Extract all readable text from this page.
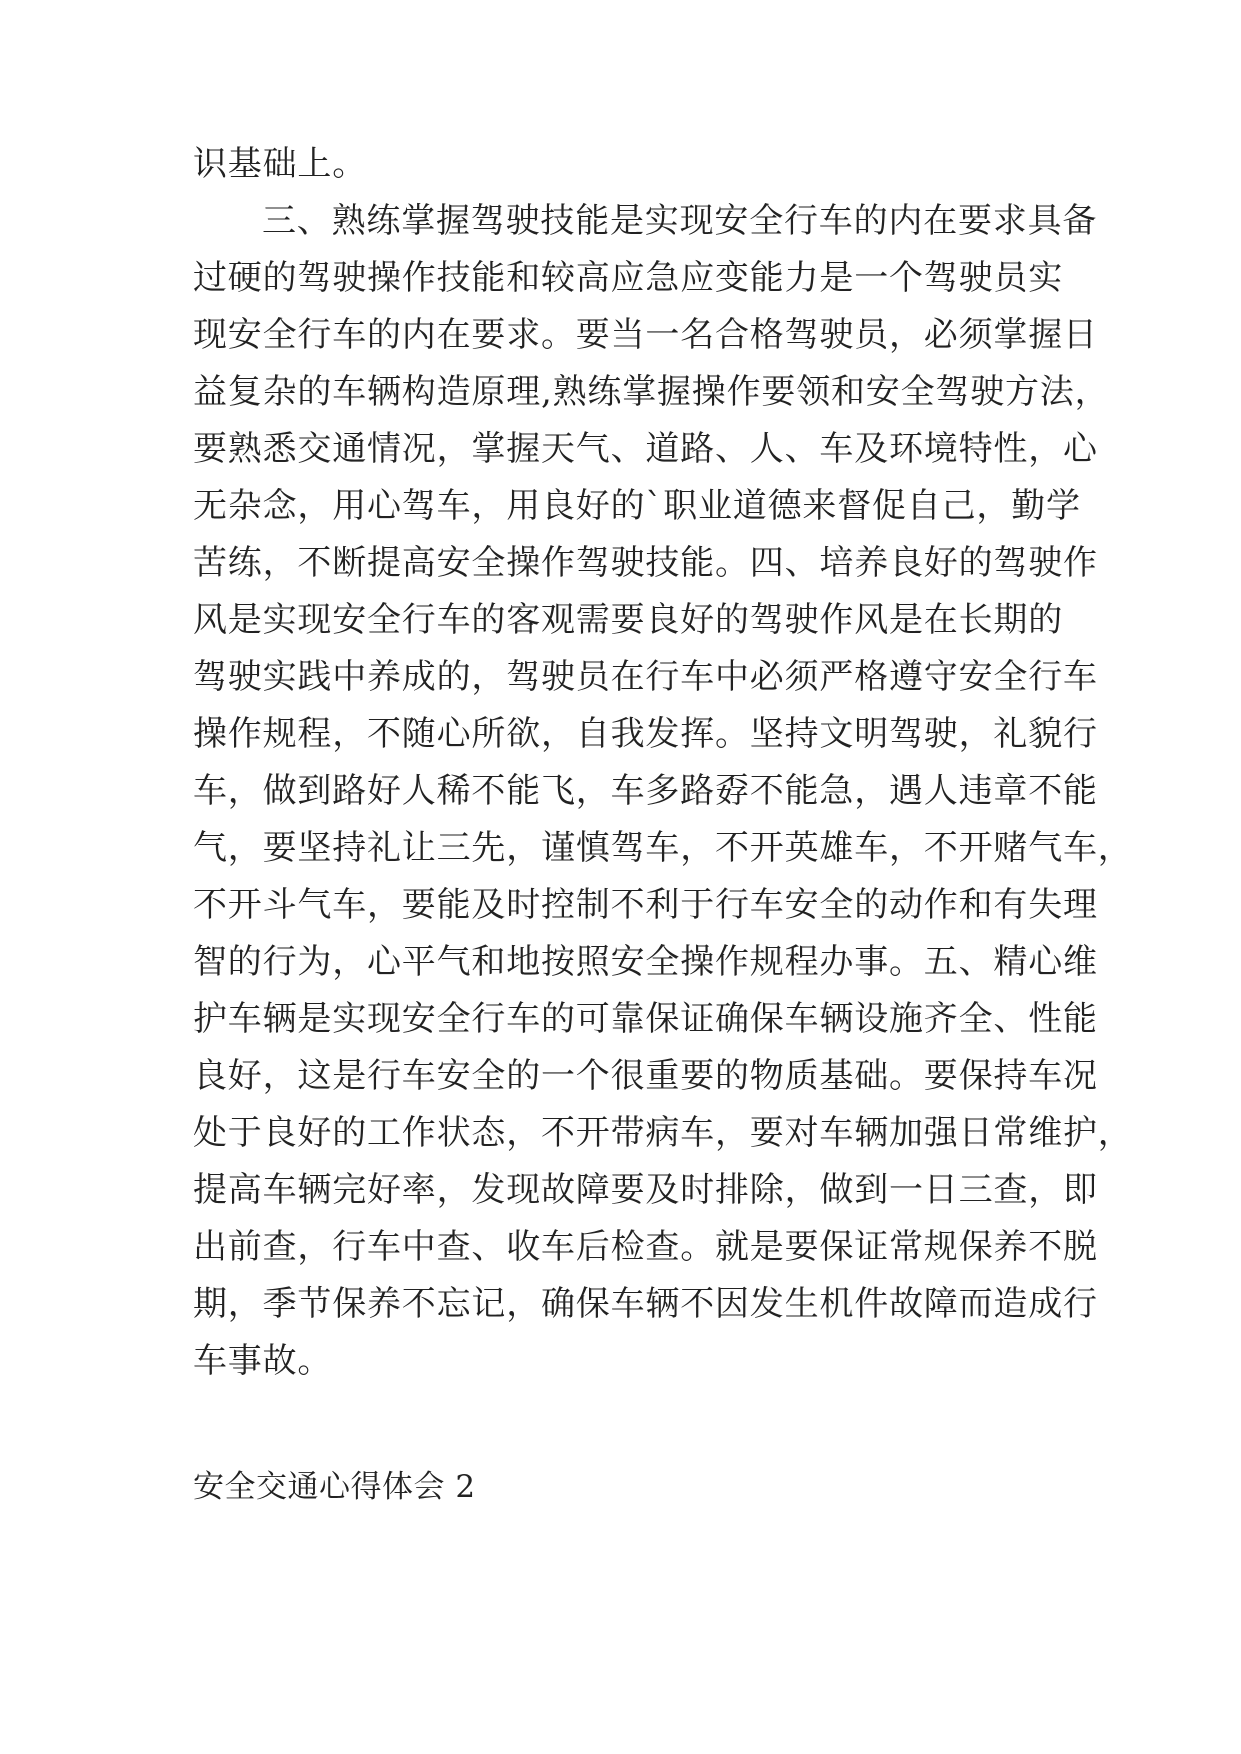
识基础上。
三、熟练掌握驾驶技能是实现安全行车的内在要求具备
过硬的驾驶操作技能和较高应急应变能力是一个驾驶员实
现安全行车的内在要求。要当一名合格驾驶员，必须掌握日
益复杂的车辆构造原理,熟练掌握操作要领和安全驾驶方法，
要熟悉交通情况，掌握天气、道路、人、车及环境特性，心
无杂念，用心驾车，用良好的`职业道德来督促自己，勤学
苦练，不断提高安全操作驾驶技能。四、培养良好的驾驶作
风是实现安全行车的客观需要良好的驾驶作风是在长期的
驾驶实践中养成的，驾驶员在行车中必须严格遵守安全行车
操作规程，不随心所欲，自我发挥。坚持文明驾驶，礼貌行
车，做到路好人稀不能飞，车多路孬不能急，遇人违章不能
气，要坚持礼让三先，谨慎驾车，不开英雄车，不开赌气车，
不开斗气车，要能及时控制不利于行车安全的动作和有失理
智的行为，心平气和地按照安全操作规程办事。五、精心维
护车辆是实现安全行车的可靠保证确保车辆设施齐全、性能
良好，这是行车安全的一个很重要的物质基础。要保持车况
处于良好的工作状态，不开带病车，要对车辆加强日常维护，
提高车辆完好率，发现故障要及时排除，做到一日三查，即
出前查，行车中查、收车后检查。就是要保证常规保养不脱
期，季节保养不忘记，确保车辆不因发生机件故障而造成行
车事故。
安全交通心得体会 2
